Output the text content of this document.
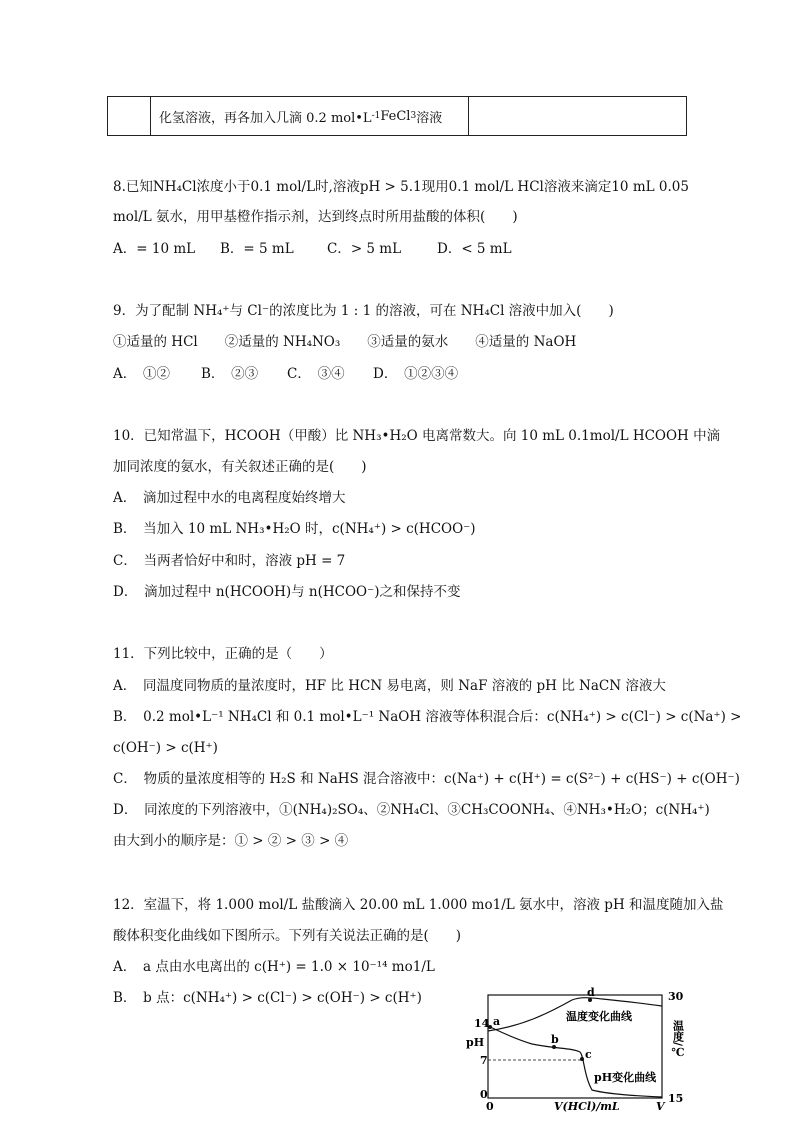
化氢溶液，再各加入几滴 0.2 mol•L -1 FeCl 3 溶液
8.已知NH₄Cl浓度小于0.1 mol/L时,溶液pH > 5.1现用0.1 mol/L HCl溶液来滴定10 mL 0.05
mol/L 氨水，用甲基橙作指示剂，达到终点时所用盐酸的体积(　　)
A．= 10 mL B．= 5 mL C．> 5 mL	D．< 5 mL
9．为了配制 NH₄⁺与 Cl⁻的浓度比为 1 : 1 的溶液，可在 NH₄Cl 溶液中加入(　　)
①适量的 HCl　　②适量的 NH₄NO₃　　③适量的氨水　　④适量的 NaOH
A．　①② B．　②③ C．　③④ D．　①②③④
10．已知常温下，HCOOH（甲酸）比 NH₃•H₂O 电离常数大。向 10 mL 0.1mol/L HCOOH 中滴
加同浓度的氨水，有关叙述正确的是(　　)
A．　滴加过程中水的电离程度始终增大
B．　当加入 10 mL NH₃•H₂O 时，c(NH₄⁺) > c(HCOO⁻)
C．　当两者恰好中和时，溶液 pH = 7
D．　滴加过程中 n(HCOOH)与 n(HCOO⁻)之和保持不变
11．下列比较中，正确的是（　　）
A．　同温度同物质的量浓度时，HF 比 HCN 易电离，则 NaF 溶液的 pH 比 NaCN 溶液大
B．　0.2 mol•L⁻¹ NH₄Cl 和 0.1 mol•L⁻¹ NaOH 溶液等体积混合后：c(NH₄⁺) > c(Cl⁻) > c(Na⁺) >
c(OH⁻) > c(H⁺)
C．　物质的量浓度相等的 H₂S 和 NaHS 混合溶液中：c(Na⁺) + c(H⁺) = c(S²⁻) + c(HS⁻) + c(OH⁻)
D．　同浓度的下列溶液中，①(NH₄)₂SO₄、②NH₄Cl、③CH₃COONH₄、④NH₃•H₂O；c(NH₄⁺)
由大到小的顺序是：① > ② > ③ > ④
12．室温下，将 1.000 mol/L 盐酸滴入 20.00 mL 1.000 mo1/L 氨水中，溶液 pH 和温度随加入盐
酸体积变化曲线如下图所示。下列有关说法正确的是(　　)
A．　a 点由水电离出的 c(H⁺) = 1.0 × 10⁻¹⁴ mo1/L
B．　b 点：c(NH₄⁺) > c(Cl⁻) > c(OH⁻) > c(H⁺)
a
b
c
d
温度变化曲线
pH变化曲线
14
pH
7
0
0	V(HCl)/mL	V
30
15
温度/℃
